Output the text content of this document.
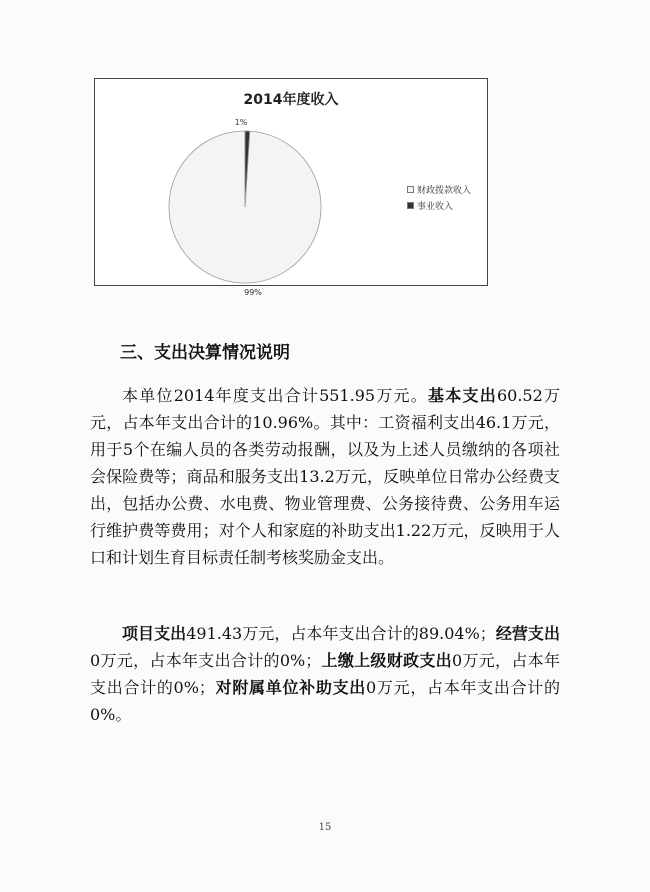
2014年度收入
99%
1%
财政拨款收入
事业收入
三、支出决算情况说明

本单位2014年度支出合计551.95万元。基本支出60.52万元，占本年支出合计的10.96%。其中：工资福利支出46.1万元，用于5个在编人员的各类劳动报酬，以及为上述人员缴纳的各项社会保险费等；商品和服务支出13.2万元，反映单位日常办公经费支出，包括办公费、水电费、物业管理费、公务接待费、公务用车运行维护费等费用；对个人和家庭的补助支出1.22万元，反映用于人口和计划生育目标责任制考核奖励金支出。

项目支出491.43万元，占本年支出合计的89.04%；经营支出0万元，占本年支出合计的0%；上缴上级财政支出0万元，占本年支出合计的0%；对附属单位补助支出0万元，占本年支出合计的0%。

15
